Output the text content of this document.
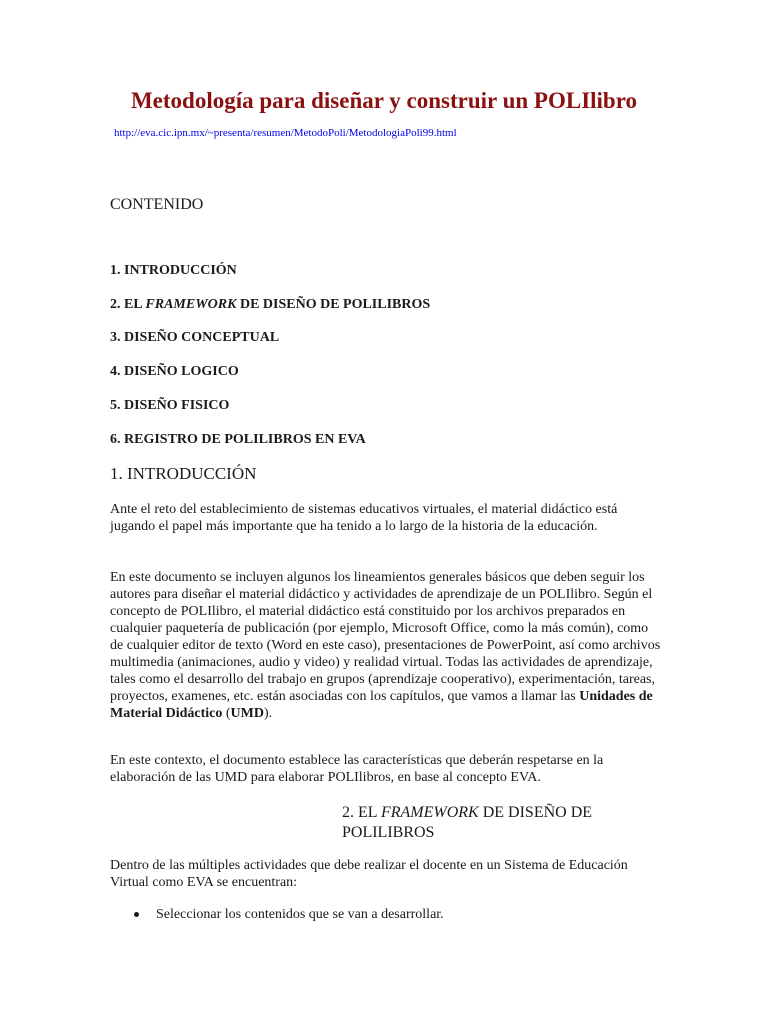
Metodología para diseñar y construir un POLIlibro
http://eva.cic.ipn.mx/~presenta/resumen/MetodoPoli/MetodologiaPoli99.html
CONTENIDO
1. INTRODUCCIÓN
2. EL FRAMEWORK DE DISEÑO DE POLILIBROS
3. DISEÑO CONCEPTUAL
4. DISEÑO LOGICO
5. DISEÑO FISICO
6. REGISTRO DE POLILIBROS EN EVA
1. INTRODUCCIÓN

Ante el reto del establecimiento de sistemas educativos virtuales, el material didáctico está jugando el papel más importante que ha tenido a lo largo de la historia de la educación.

En este documento se incluyen algunos los lineamientos generales básicos que deben seguir los autores para diseñar el material didáctico y actividades de aprendizaje de un POLIlibro. Según el concepto de POLIlibro, el material didáctico está constituido por los archivos preparados en cualquier paquetería de publicación (por ejemplo, Microsoft Office, como la más común), como de cualquier editor de texto (Word en este caso), presentaciones de PowerPoint, así como archivos multimedia (animaciones, audio y video) y realidad virtual. Todas las actividades de aprendizaje, tales como el desarrollo del trabajo en grupos (aprendizaje cooperativo), experimentación, tareas, proyectos, examenes, etc. están asociadas con los capítulos, que vamos a llamar las Unidades de Material Didáctico (UMD).

En este contexto, el documento establece las características que deberán respetarse en la elaboración de las UMD para elaborar POLIlibros, en base al concepto EVA.

2. EL FRAMEWORK DE DISEÑO DE POLILIBROS

Dentro de las múltiples actividades que debe realizar el docente en un Sistema de Educación Virtual como EVA se encuentran:

Seleccionar los contenidos que se van a desarrollar.
